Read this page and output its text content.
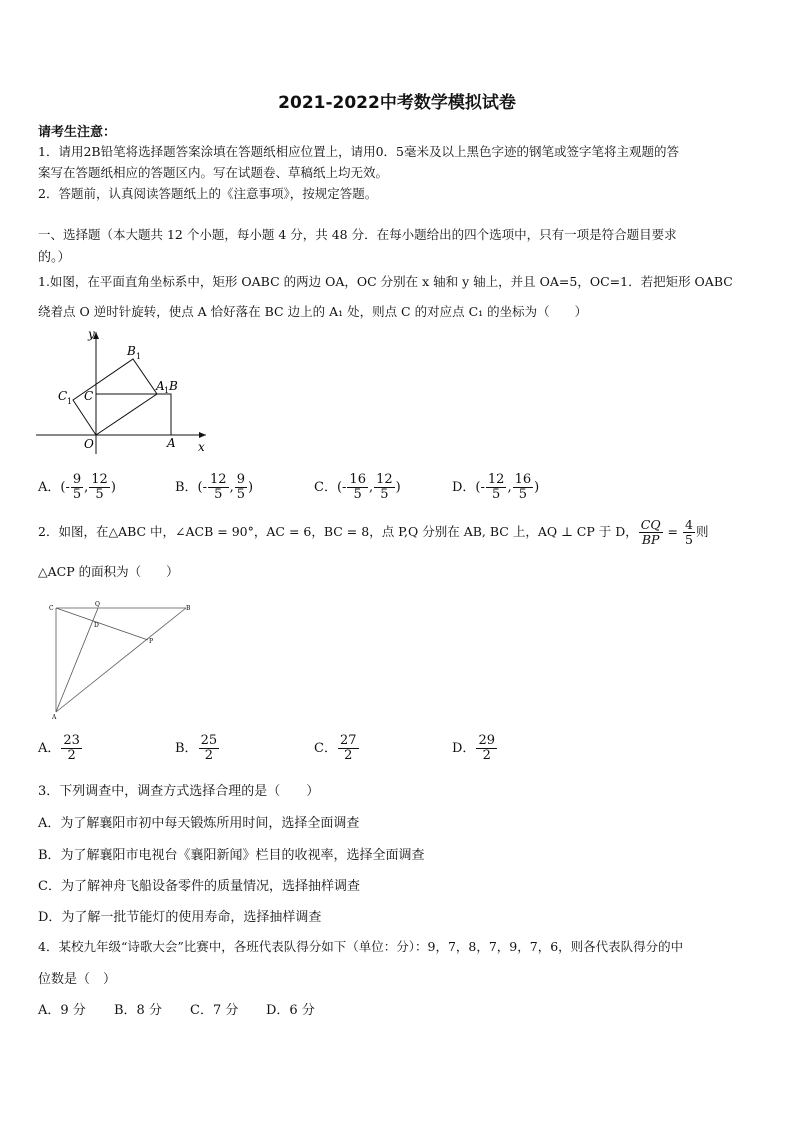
2021-2022中考数学模拟试卷
请考生注意：
1．请用2B铅笔将选择题答案涂填在答题纸相应位置上，请用0．5毫米及以上黑色字迹的钢笔或签字笔将主观题的答
案写在答题纸相应的答题区内。写在试题卷、草稿纸上均无效。
2．答题前，认真阅读答题纸上的《注意事项》，按规定答题。
一、选择题（本大题共 12 个小题，每小题 4 分，共 48 分．在每小题给出的四个选项中，只有一项是符合题目要求
的。）
1.如图，在平面直角坐标系中，矩形 OABC 的两边 OA，OC 分别在 x 轴和 y 轴上，并且 OA=5，OC=1．若把矩形 OABC
绕着点 O 逆时针旋转，使点 A 恰好落在 BC 边上的 A₁ 处，则点 C 的对应点 C₁ 的坐标为（　　）
y
x
B 1
A 1 B
C 1 C
O	A
A．(- $\frac{9}{5}$ , $\frac{12}{5}$ )	B．(- $\frac{12}{5}$ , $\frac{9}{5}$ )	C．(- $\frac{16}{5}$ , $\frac{12}{5}$ )	D．(- $\frac{12}{5}$ , $\frac{16}{5}$ )
2．如图，在△ABC 中，∠ACB = 90°，AC = 6，BC = 8，点 P,Q 分别在 AB, BC 上，AQ ⊥ CP 于 D， $\frac{CQ}{BP} = \frac{4}{5}$ 则
△ACP 的面积为（　　）
C
Q
B
D
P
A
A． $\frac{23}{2}$	B． $\frac{25}{2}$	C． $\frac{27}{2}$	D． $\frac{29}{2}$
3．下列调查中，调查方式选择合理的是（　　）
A．为了解襄阳市初中每天锻炼所用时间，选择全面调查
B．为了解襄阳市电视台《襄阳新闻》栏目的收视率，选择全面调查
C．为了解神舟飞船设备零件的质量情况，选择抽样调查
D．为了解一批节能灯的使用寿命，选择抽样调查
4．某校九年级“诗歌大会”比赛中，各班代表队得分如下（单位：分）：9，7，8，7，9，7，6，则各代表队得分的中
位数是（　）
A．9 分 B．8 分 C．7 分 D．6 分
